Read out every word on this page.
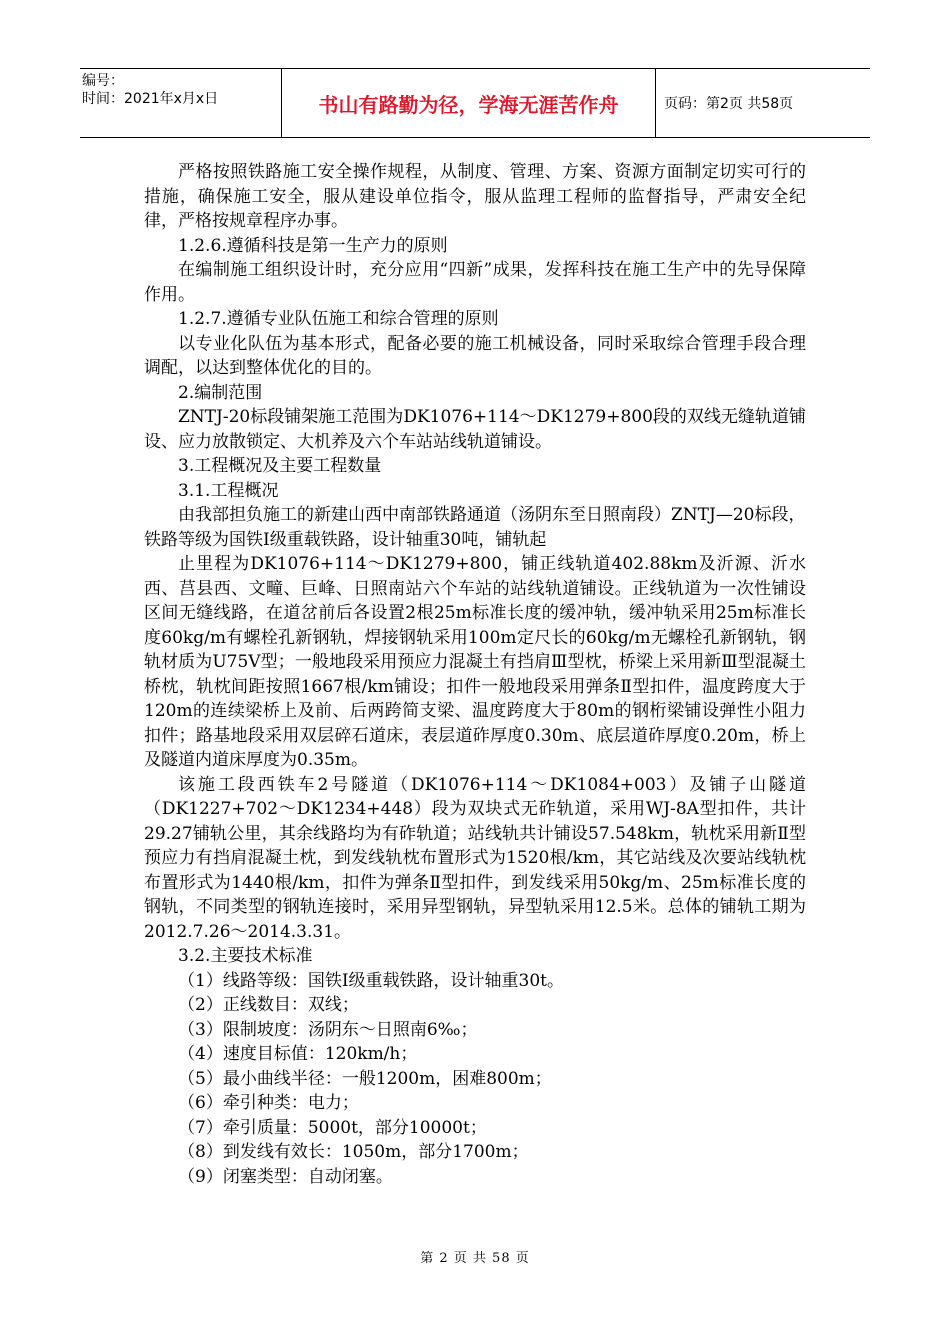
编号：
时间：2021年x月x日	书山有路勤为径，学海无涯苦作舟	页码：第2页 共58页

严格按照铁路施工安全操作规程，从制度、管理、方案、资源方面制定切实可行的措施，确保施工安全，服从建设单位指令，服从监理工程师的监督指导，严肃安全纪律，严格按规章程序办事。

1.2.6.遵循科技是第一生产力的原则

在编制施工组织设计时，充分应用“四新”成果，发挥科技在施工生产中的先导保障作用。

1.2.7.遵循专业队伍施工和综合管理的原则

以专业化队伍为基本形式，配备必要的施工机械设备，同时采取综合管理手段合理调配，以达到整体优化的目的。

2.编制范围

ZNTJ-20标段铺架施工范围为DK1076+114～DK1279+800段的双线无缝轨道铺设、应力放散锁定、大机养及六个车站站线轨道铺设。

3.工程概况及主要工程数量

3.1.工程概况

由我部担负施工的新建山西中南部铁路通道（汤阴东至日照南段）ZNTJ—20标段，铁路等级为国铁Ⅰ级重载铁路，设计轴重30吨，铺轨起

止里程为DK1076+114～DK1279+800，铺正线轨道402.88km及沂源、沂水西、莒县西、文疃、巨峰、日照南站六个车站的站线轨道铺设。正线轨道为一次性铺设区间无缝线路，在道岔前后各设置2根25m标准长度的缓冲轨，缓冲轨采用25m标准长度60kg/m有螺栓孔新钢轨，焊接钢轨采用100m定尺长的60kg/m无螺栓孔新钢轨，钢轨材质为U75V型；一般地段采用预应力混凝土有挡肩Ⅲ型枕，桥梁上采用新Ⅲ型混凝土桥枕，轨枕间距按照1667根/km铺设；扣件一般地段采用弹条Ⅱ型扣件，温度跨度大于120m的连续梁桥上及前、后两跨简支梁、温度跨度大于80m的钢桁梁铺设弹性小阻力扣件；路基地段采用双层碎石道床，表层道砟厚度0.30m、底层道砟厚度0.20m，桥上及隧道内道床厚度为0.35m。

该施工段西铁车2号隧道（DK1076+114～DK1084+003）及铺子山隧道（DK1227+702～DK1234+448）段为双块式无砟轨道，采用WJ-8A型扣件，共计29.27铺轨公里，其余线路均为有砟轨道；站线轨共计铺设57.548km，轨枕采用新Ⅱ型预应力有挡肩混凝土枕，到发线轨枕布置形式为1520根/km，其它站线及次要站线轨枕布置形式为1440根/km，扣件为弹条Ⅱ型扣件，到发线采用50kg/m、25m标准长度的钢轨，不同类型的钢轨连接时，采用异型钢轨，异型轨采用12.5米。总体的铺轨工期为2012.7.26～2014.3.31。

3.2.主要技术标准

（1）线路等级：国铁Ⅰ级重载铁路，设计轴重30t。

（2）正线数目：双线；

（3）限制坡度：汤阴东～日照南6‰；

（4）速度目标值：120km/h；

（5）最小曲线半径：一般1200m，困难800m；

（6）牵引种类：电力；

（7）牵引质量：5000t，部分10000t；

（8）到发线有效长：1050m，部分1700m；

（9）闭塞类型：自动闭塞。

第 2 页 共 58 页
